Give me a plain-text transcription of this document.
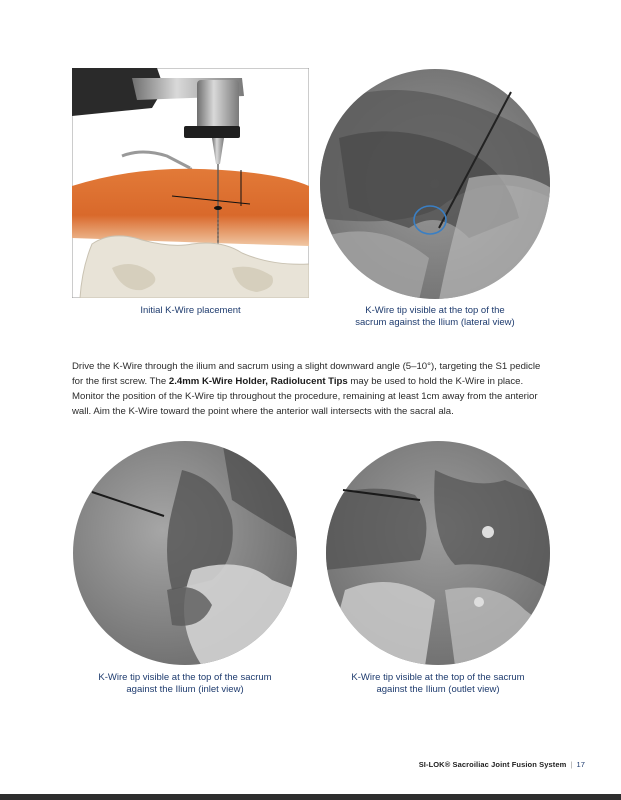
Initial K-Wire placement	K-Wire tip visible at the top of the
sacrum against the Ilium (lateral view)
Drive the K-Wire through the ilium and sacrum using a slight downward angle (5–10°), targeting the S1 pedicle for the first screw. The 2.4mm K-Wire Holder, Radiolucent Tips may be used to hold the K-Wire in place. Monitor the position of the K-Wire tip throughout the procedure, remaining at least 1cm away from the anterior wall. Aim the K-Wire toward the point where the anterior wall intersects with the sacral ala.
K-Wire tip visible at the top of the sacrum
against the Ilium (inlet view)
K-Wire tip visible at the top of the sacrum
against the Ilium (outlet view)
SI-LOK® Sacroiliac Joint Fusion System | 17
